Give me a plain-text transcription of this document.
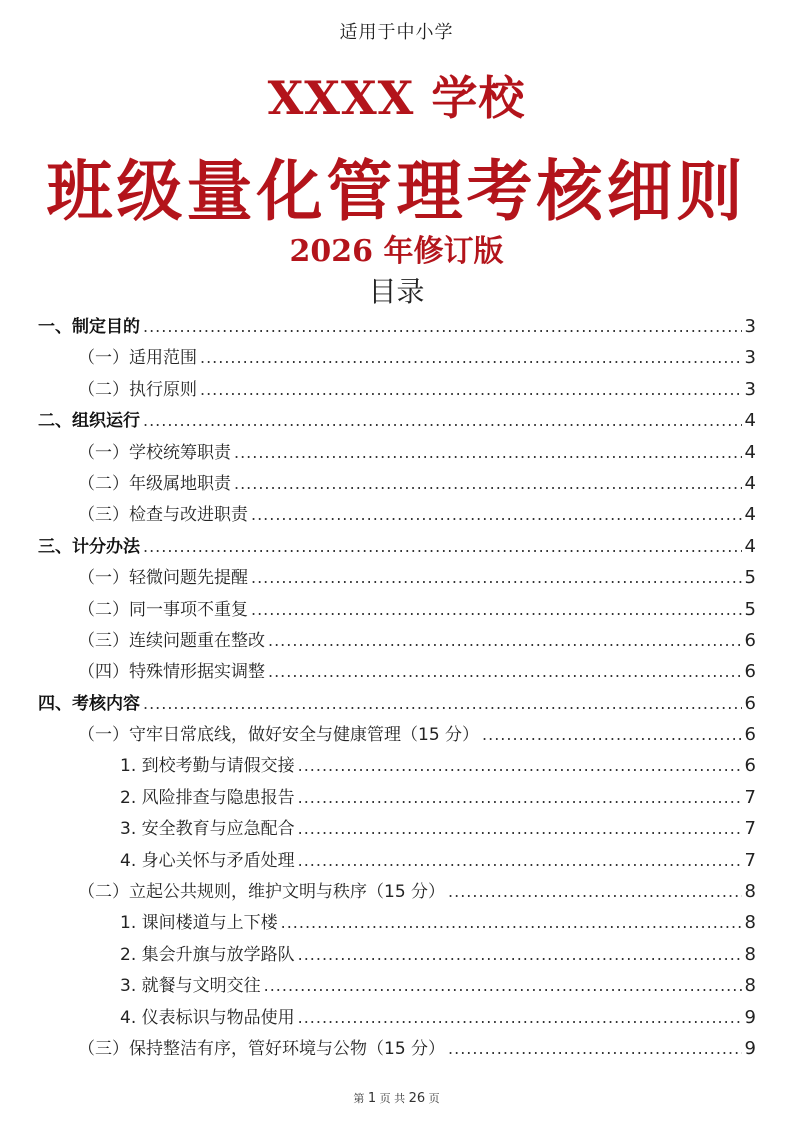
适用于中小学
XXXX 学校
班级量化管理考核细则
2026 年修订版
目录
一、制定目的 .....	3
（一）适用范围 .....	3
（二）执行原则 .....	3
二、组织运行 .....	4
（一）学校统筹职责 .....	4
（二）年级属地职责 .....	4
（三）检查与改进职责 .....	4
三、计分办法 .....	4
（一）轻微问题先提醒 .....	5
（二）同一事项不重复 .....	5
（三）连续问题重在整改 .....	6
（四）特殊情形据实调整 .....	6
四、考核内容 .....	6
（一）守牢日常底线，做好安全与健康管理（15 分） .....	6
1. 到校考勤与请假交接 .....	6
2. 风险排查与隐患报告 .....	7
3. 安全教育与应急配合 .....	7
4. 身心关怀与矛盾处理 .....	7
（二）立起公共规则，维护文明与秩序（15 分） .....	8
1. 课间楼道与上下楼 .....	8
2. 集会升旗与放学路队 .....	8
3. 就餐与文明交往 .....	8
4. 仪表标识与物品使用 .....	9
（三）保持整洁有序，管好环境与公物（15 分） .....	9
第 1 页 共 26 页
